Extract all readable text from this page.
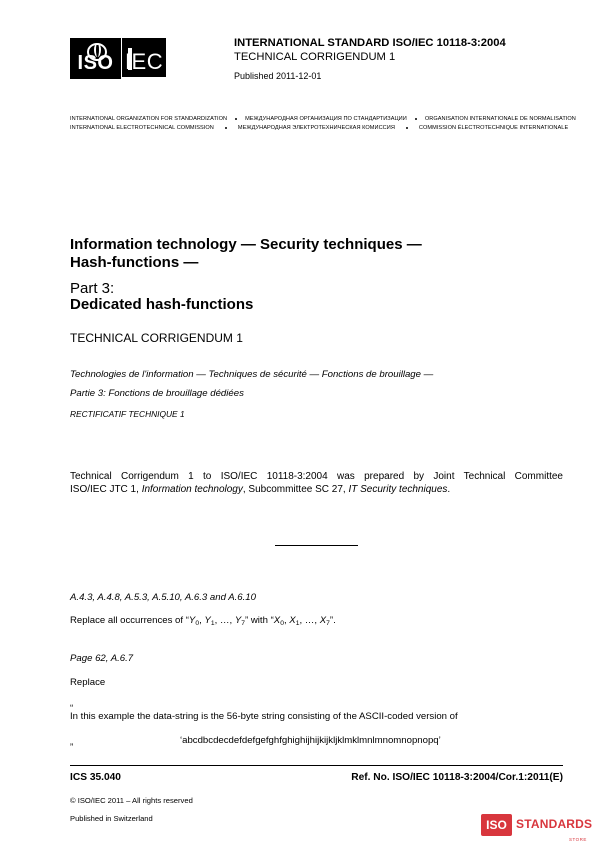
ISO IEC
INTERNATIONAL STANDARD ISO/IEC 10118-3:2004
TECHNICAL CORRIGENDUM 1
Published 2011-12-01
INTERNATIONAL ORGANIZATION FOR STANDARDIZATION	МЕЖДУНАРОДНАЯ ОРГАНИЗАЦИЯ ПО СТАНДАРТИЗАЦИИ	ORGANISATION INTERNATIONALE DE NORMALISATION
INTERNATIONAL ELECTROTECHNICAL COMMISSION	МЕЖДУНАРОДНАЯ ЭЛЕКТРОТЕХНИЧЕСКАЯ КОМИССИЯ	COMMISSION ÉLECTROTECHNIQUE INTERNATIONALE
Information technology — Security techniques —
Hash-functions —
Part 3:
Dedicated hash-functions
TECHNICAL CORRIGENDUM 1
Technologies de l'information — Techniques de sécurité — Fonctions de brouillage —
Partie 3: Fonctions de brouillage dédiées
RECTIFICATIF TECHNIQUE 1
Technical Corrigendum 1 to ISO/IEC 10118-3:2004 was prepared by Joint Technical Committee
ISO/IEC JTC 1, Information technology, Subcommittee SC 27, IT Security techniques.
A.4.3, A.4.8, A.5.3, A.5.10, A.6.3 and A.6.10
Replace all occurrences of “$Y_0$, $Y_1$, …, $Y_7$” with “$X_0$, $X_1$, …, $X_7$”.
Page 62, A.6.7
Replace
“
In this example the data-string is the 56-byte string consisting of the ASCII-coded version of
‘abcdbcdecdefdefgefghfghighijhijkijkljklmklmnlmnomnopnopq’
”
ICS 35.040	Ref. No. ISO/IEC 10118-3:2004/Cor.1:2011(E)
© ISO/IEC 2011 – All rights reserved
Published in Switzerland	ISO STANDARDS
STORE
